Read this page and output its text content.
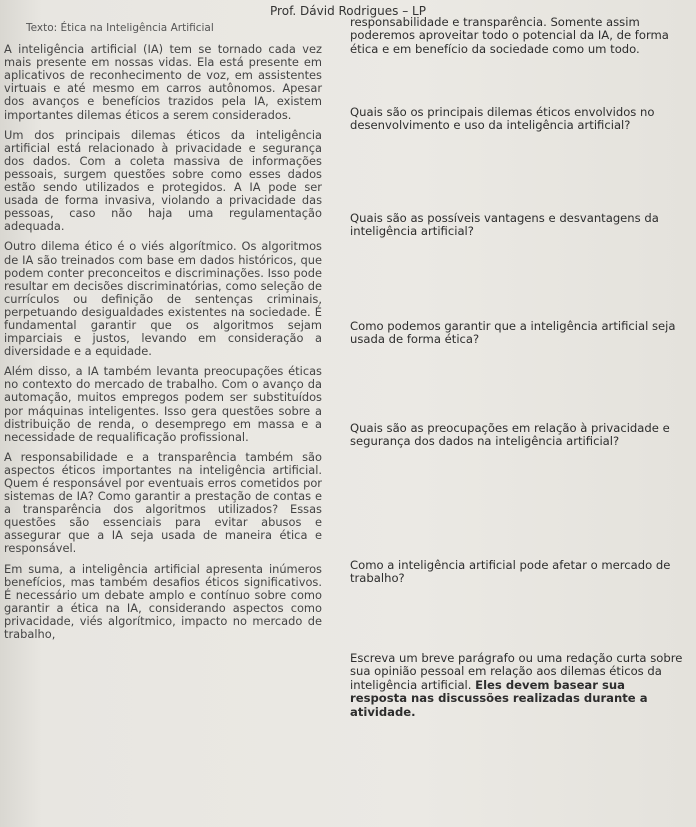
Prof. Dávid Rodrigues – LP
Texto: Ética na Inteligência Artificial

A inteligência artificial (IA) tem se tornado cada vez mais presente em nossas vidas. Ela está presente em aplicativos de reconhecimento de voz, em assistentes virtuais e até mesmo em carros autônomos. Apesar dos avanços e benefícios trazidos pela IA, existem importantes dilemas éticos a serem considerados.

Um dos principais dilemas éticos da inteligência artificial está relacionado à privacidade e segurança dos dados. Com a coleta massiva de informações pessoais, surgem questões sobre como esses dados estão sendo utilizados e protegidos. A IA pode ser usada de forma invasiva, violando a privacidade das pessoas, caso não haja uma regulamentação adequada.

Outro dilema ético é o viés algorítmico. Os algoritmos de IA são treinados com base em dados históricos, que podem conter preconceitos e discriminações. Isso pode resultar em decisões discriminatórias, como seleção de currículos ou definição de sentenças criminais, perpetuando desigualdades existentes na sociedade. É fundamental garantir que os algoritmos sejam imparciais e justos, levando em consideração a diversidade e a equidade.

Além disso, a IA também levanta preocupações éticas no contexto do mercado de trabalho. Com o avanço da automação, muitos empregos podem ser substituídos por máquinas inteligentes. Isso gera questões sobre a distribuição de renda, o desemprego em massa e a necessidade de requalificação profissional.

A responsabilidade e a transparência também são aspectos éticos importantes na inteligência artificial. Quem é responsável por eventuais erros cometidos por sistemas de IA? Como garantir a prestação de contas e a transparência dos algoritmos utilizados? Essas questões são essenciais para evitar abusos e assegurar que a IA seja usada de maneira ética e responsável.

Em suma, a inteligência artificial apresenta inúmeros benefícios, mas também desafios éticos significativos. É necessário um debate amplo e contínuo sobre como garantir a ética na IA, considerando aspectos como privacidade, viés algorítmico, impacto no mercado de trabalho,

responsabilidade e transparência. Somente assim poderemos aproveitar todo o potencial da IA, de forma ética e em benefício da sociedade como um todo.

Quais são os principais dilemas éticos envolvidos no desenvolvimento e uso da inteligência artificial?

Quais são as possíveis vantagens e desvantagens da inteligência artificial?

Como podemos garantir que a inteligência artificial seja usada de forma ética?

Quais são as preocupações em relação à privacidade e segurança dos dados na inteligência artificial?

Como a inteligência artificial pode afetar o mercado de trabalho?

Escreva um breve parágrafo ou uma redação curta sobre sua opinião pessoal em relação aos dilemas éticos da inteligência artificial. Eles devem basear sua resposta nas discussões realizadas durante a atividade.
